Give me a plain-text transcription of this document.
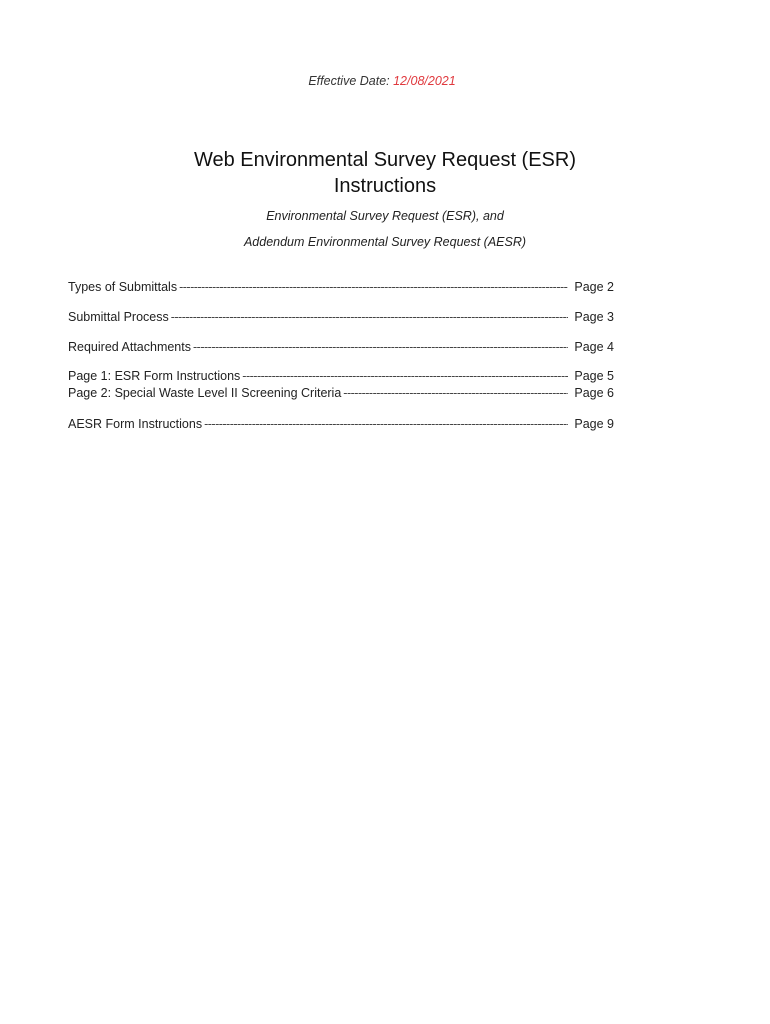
Effective Date: 12/08/2021
Web Environmental Survey Request (ESR)
Instructions
Environmental Survey Request (ESR), and
Addendum Environmental Survey Request (AESR)
Types of Submittals -----	Page 2
Submittal Process -----	Page 3
Required Attachments -----	Page 4
Page 1: ESR Form Instructions -----	Page 5
Page 2: Special Waste Level II Screening Criteria -----	Page 6
AESR Form Instructions -----	Page 9
